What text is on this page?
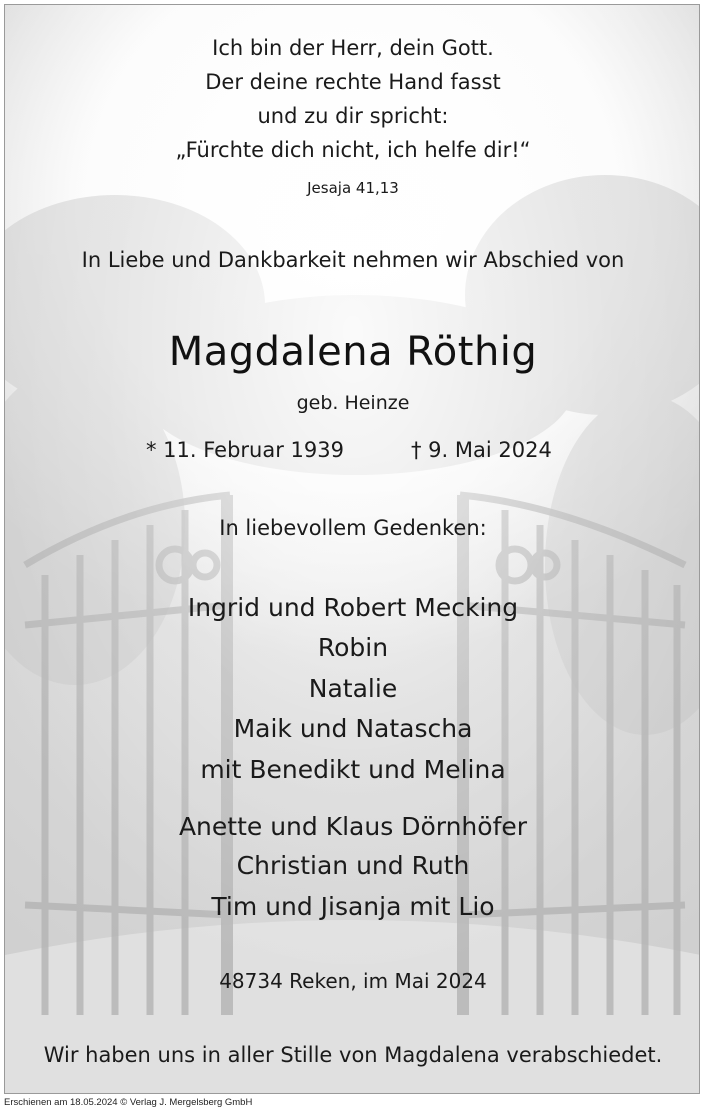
Ich bin der Herr, dein Gott.
Der deine rechte Hand fasst
und zu dir spricht:
„Fürchte dich nicht, ich helfe dir!“
Jesaja 41,13
In Liebe und Dankbarkeit nehmen wir Abschied von
Magdalena Röthig
geb. Heinze
* 11. Februar 1939	† 9. Mai 2024
In liebevollem Gedenken:
Ingrid und Robert Mecking
Robin
Natalie
Maik und Natascha
mit Benedikt und Melina
Anette und Klaus Dörnhöfer
Christian und Ruth
Tim und Jisanja mit Lio
48734 Reken, im Mai 2024
Wir haben uns in aller Stille von Magdalena verabschiedet.
Erschienen am 18.05.2024 © Verlag J. Mergelsberg GmbH
